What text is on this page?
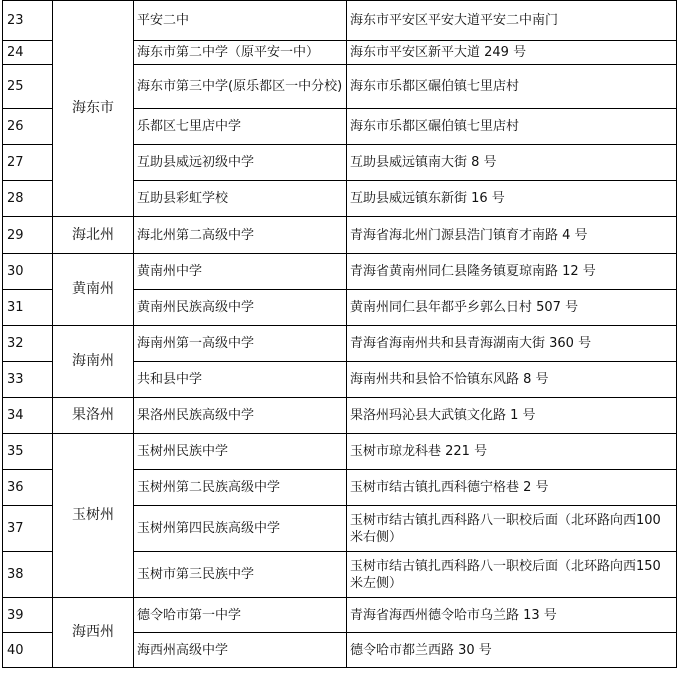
23	海东市	平安二中	海东市平安区平安大道平安二中南门
24		海东市第二中学（原平安一中）	海东市平安区新平大道 249 号
25		海东市第三中学(原乐都区一中分校)	海东市乐都区碾伯镇七里店村
26		乐都区七里店中学	海东市乐都区碾伯镇七里店村
27		互助县威远初级中学	互助县威远镇南大街 8 号
28		互助县彩虹学校	互助县威远镇东新街 16 号
29	海北州	海北州第二高级中学	青海省海北州门源县浩门镇育才南路 4 号
30	黄南州	黄南州中学	青海省黄南州同仁县隆务镇夏琼南路 12 号
31		黄南州民族高级中学	黄南州同仁县年都乎乡郭么日村 507 号
32	海南州	海南州第一高级中学	青海省海南州共和县青海湖南大街 360 号
33		共和县中学	海南州共和县恰不恰镇东风路 8 号
34	果洛州	果洛州民族高级中学	果洛州玛沁县大武镇文化路 1 号
35	玉树州	玉树州民族中学	玉树市琼龙科巷 221 号
36		玉树州第二民族高级中学	玉树市结古镇扎西科德宁格巷 2 号
37		玉树州第四民族高级中学	玉树市结古镇扎西科路八一职校后面（北环路向西100 米右侧）
38		玉树市第三民族中学	玉树市结古镇扎西科路八一职校后面（北环路向西150 米左侧）
39	海西州	德令哈市第一中学	青海省海西州德令哈市乌兰路 13 号
40		海西州高级中学	德令哈市都兰西路 30 号
